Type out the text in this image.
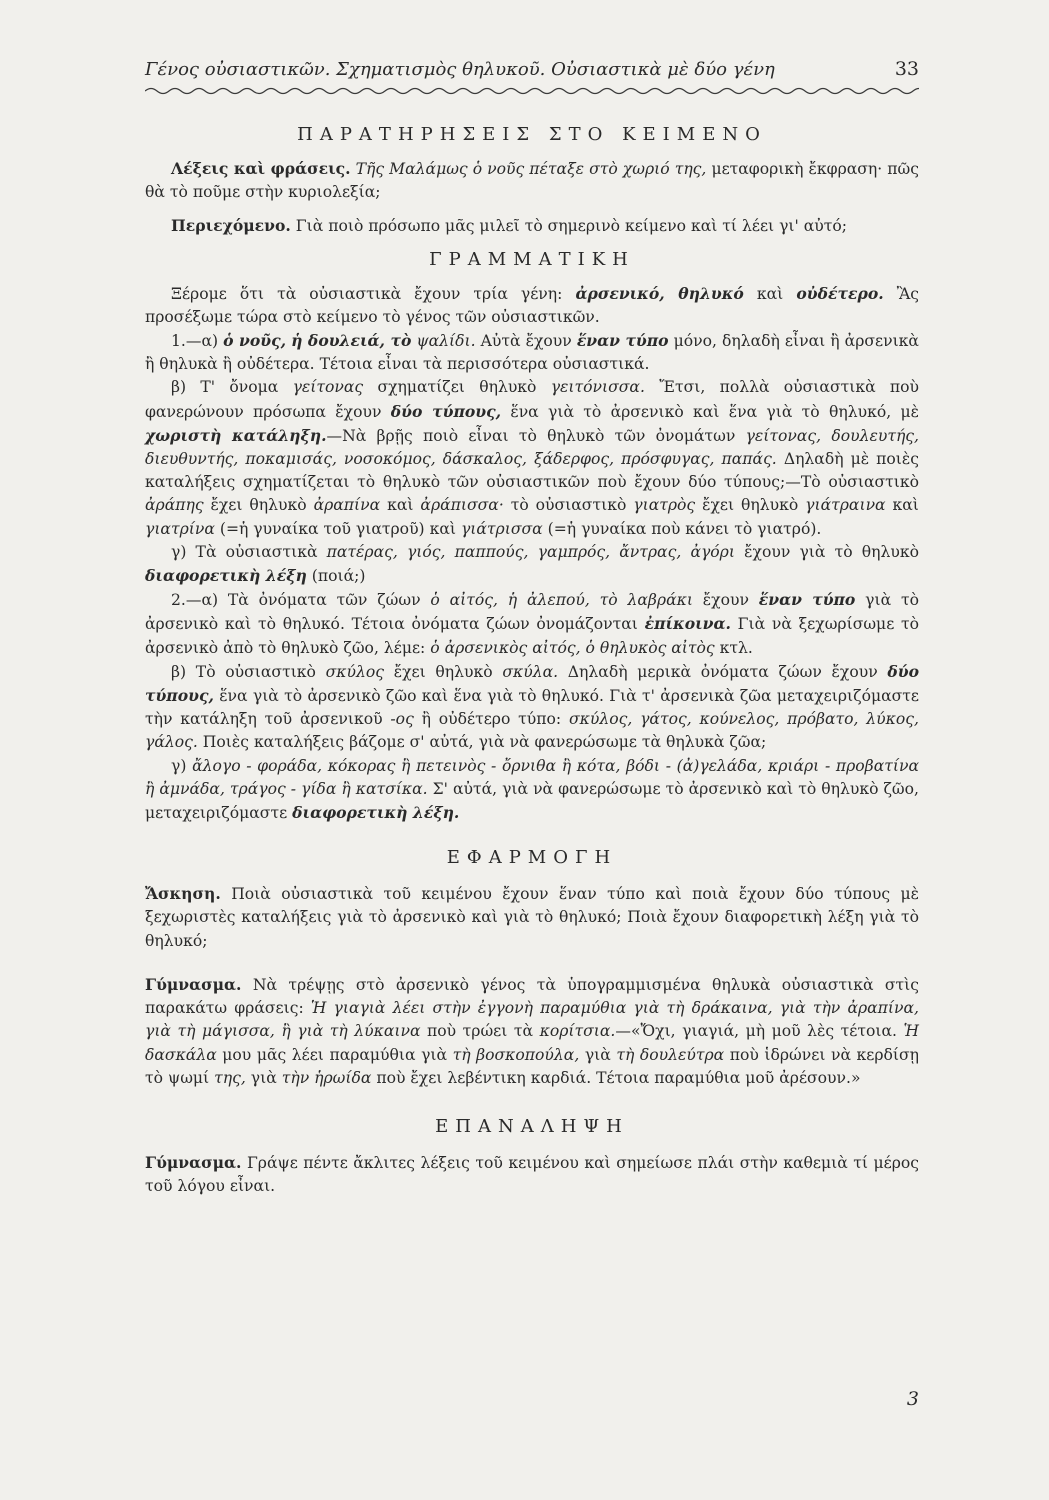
Γένος οὐσιαστικῶν. Σχηματισμὸς θηλυκοῦ. Οὐσιαστικὰ μὲ δύο γένη	33
ΠΑΡΑΤΗΡΗΣΕΙΣ ΣΤΟ ΚΕΙΜΕΝΟ

Λέξεις καὶ φράσεις. Τῆς Μαλάμως ὁ νοῦς πέταξε στὸ χωριό της, μεταφορικὴ ἔκφραση· πῶς θὰ τὸ ποῦμε στὴν κυριολεξία;

Περιεχόμενο. Γιὰ ποιὸ πρόσωπο μᾶς μιλεῖ τὸ σημερινὸ κείμενο καὶ τί λέει γι' αὐτό;

ΓΡΑΜΜΑΤΙΚΗ

Ξέρομε ὅτι τὰ οὐσιαστικὰ ἔχουν τρία γένη: ἀρσενικό, θηλυκό καὶ οὐδέτερο. Ἂς προσέξωμε τώρα στὸ κείμενο τὸ γένος τῶν οὐσιαστικῶν.

1.—α) ὁ νοῦς, ἡ δουλειά, τὸ ψαλίδι. Αὐτὰ ἔχουν ἕναν τύπο μόνο, δηλαδὴ εἶναι ἢ ἀρσενικὰ ἢ θηλυκὰ ἢ οὐδέτερα. Τέτοια εἶναι τὰ περισσότερα οὐσιαστικά.

β) Τ' ὄνομα γείτονας σχηματίζει θηλυκὸ γειτόνισσα. Ἔτσι, πολλὰ οὐσιαστικὰ ποὺ φανερώνουν πρόσωπα ἔχουν δύο τύπους, ἕνα γιὰ τὸ ἀρσενικὸ καὶ ἕνα γιὰ τὸ θηλυκό, μὲ χωριστὴ κατάληξη.—Νὰ βρῇς ποιὸ εἶναι τὸ θηλυκὸ τῶν ὀνομάτων γείτονας, δουλευτής, διευθυντής, ποκαμισάς, νοσοκόμος, δάσκαλος, ξάδερφος, πρόσφυγας, παπάς. Δηλαδὴ μὲ ποιὲς καταλήξεις σχηματίζεται τὸ θηλυκὸ τῶν οὐσιαστικῶν ποὺ ἔχουν δύο τύπους;—Τὸ οὐσιαστικὸ ἀράπης ἔχει θηλυκὸ ἀραπίνα καὶ ἀράπισσα· τὸ οὐσιαστικὸ γιατρὸς ἔχει θηλυκὸ γιάτραινα καὶ γιατρίνα (=ἡ γυναίκα τοῦ γιατροῦ) καὶ γιάτρισσα (=ἡ γυναίκα ποὺ κάνει τὸ γιατρό).

γ) Τὰ οὐσιαστικὰ πατέρας, γιός, παππούς, γαμπρός, ἄντρας, ἀγόρι ἔχουν γιὰ τὸ θηλυκὸ διαφορετικὴ λέξη (ποιά;)

2.—α) Τὰ ὀνόματα τῶν ζώων ὁ αἰτός, ἡ ἀλεπού, τὸ λαβράκι ἔχουν ἕναν τύπο γιὰ τὸ ἀρσενικὸ καὶ τὸ θηλυκό. Τέτοια ὀνόματα ζώων ὀνομάζονται ἐπίκοινα. Γιὰ νὰ ξεχωρίσωμε τὸ ἀρσενικὸ ἀπὸ τὸ θηλυκὸ ζῶο, λέμε: ὁ ἀρσενικὸς αἰτός, ὁ θηλυκὸς αἰτὸς κτλ.

β) Τὸ οὐσιαστικὸ σκύλος ἔχει θηλυκὸ σκύλα. Δηλαδὴ μερικὰ ὀνόματα ζώων ἔχουν δύο τύπους, ἕνα γιὰ τὸ ἀρσενικὸ ζῶο καὶ ἕνα γιὰ τὸ θηλυκό. Γιὰ τ' ἀρσενικὰ ζῶα μεταχειριζόμαστε τὴν κατάληξη τοῦ ἀρσενικοῦ -ος ἢ οὐδέτερο τύπο: σκύλος, γάτος, κούνελος, πρόβατο, λύκος, γάλος. Ποιὲς καταλήξεις βάζομε σ' αὐτά, γιὰ νὰ φανερώσωμε τὰ θηλυκὰ ζῶα;

γ) ἄλογο - φοράδα, κόκορας ἢ πετεινὸς - ὄρνιθα ἢ κότα, βόδι - (ἀ)γελάδα, κριάρι - προβατίνα ἢ ἀμνάδα, τράγος - γίδα ἢ κατσίκα. Σ' αὐτά, γιὰ νὰ φανερώσωμε τὸ ἀρσενικὸ καὶ τὸ θηλυκὸ ζῶο, μεταχειριζόμαστε διαφορετικὴ λέξη.

ΕΦΑΡΜΟΓΗ

Ἄσκηση. Ποιὰ οὐσιαστικὰ τοῦ κειμένου ἔχουν ἕναν τύπο καὶ ποιὰ ἔχουν δύο τύπους μὲ ξεχωριστὲς καταλήξεις γιὰ τὸ ἀρσενικὸ καὶ γιὰ τὸ θηλυκό; Ποιὰ ἔχουν διαφορετικὴ λέξη γιὰ τὸ θηλυκό;

Γύμνασμα. Νὰ τρέψῃς στὸ ἀρσενικὸ γένος τὰ ὑπογραμμισμένα θηλυκὰ οὐσιαστικὰ στὶς παρακάτω φράσεις: Ἡ γιαγιὰ λέει στὴν ἐγγονὴ παραμύθια γιὰ τὴ δράκαινα, γιὰ τὴν ἀραπίνα, γιὰ τὴ μάγισσα, ἢ γιὰ τὴ λύκαινα ποὺ τρώει τὰ κορίτσια.—«Ὄχι, γιαγιά, μὴ μοῦ λὲς τέτοια. Ἡ δασκάλα μου μᾶς λέει παραμύθια γιὰ τὴ βοσκοπούλα, γιὰ τὴ δουλεύτρα ποὺ ἱδρώνει νὰ κερδίσῃ τὸ ψωμί της, γιὰ τὴν ἡρωίδα ποὺ ἔχει λεβέντικη καρδιά. Τέτοια παραμύθια μοῦ ἀρέσουν.»

ΕΠΑΝΑΛΗΨΗ

Γύμνασμα. Γράψε πέντε ἄκλιτες λέξεις τοῦ κειμένου καὶ σημείωσε πλάι στὴν καθεμιὰ τί μέρος τοῦ λόγου εἶναι.

3
